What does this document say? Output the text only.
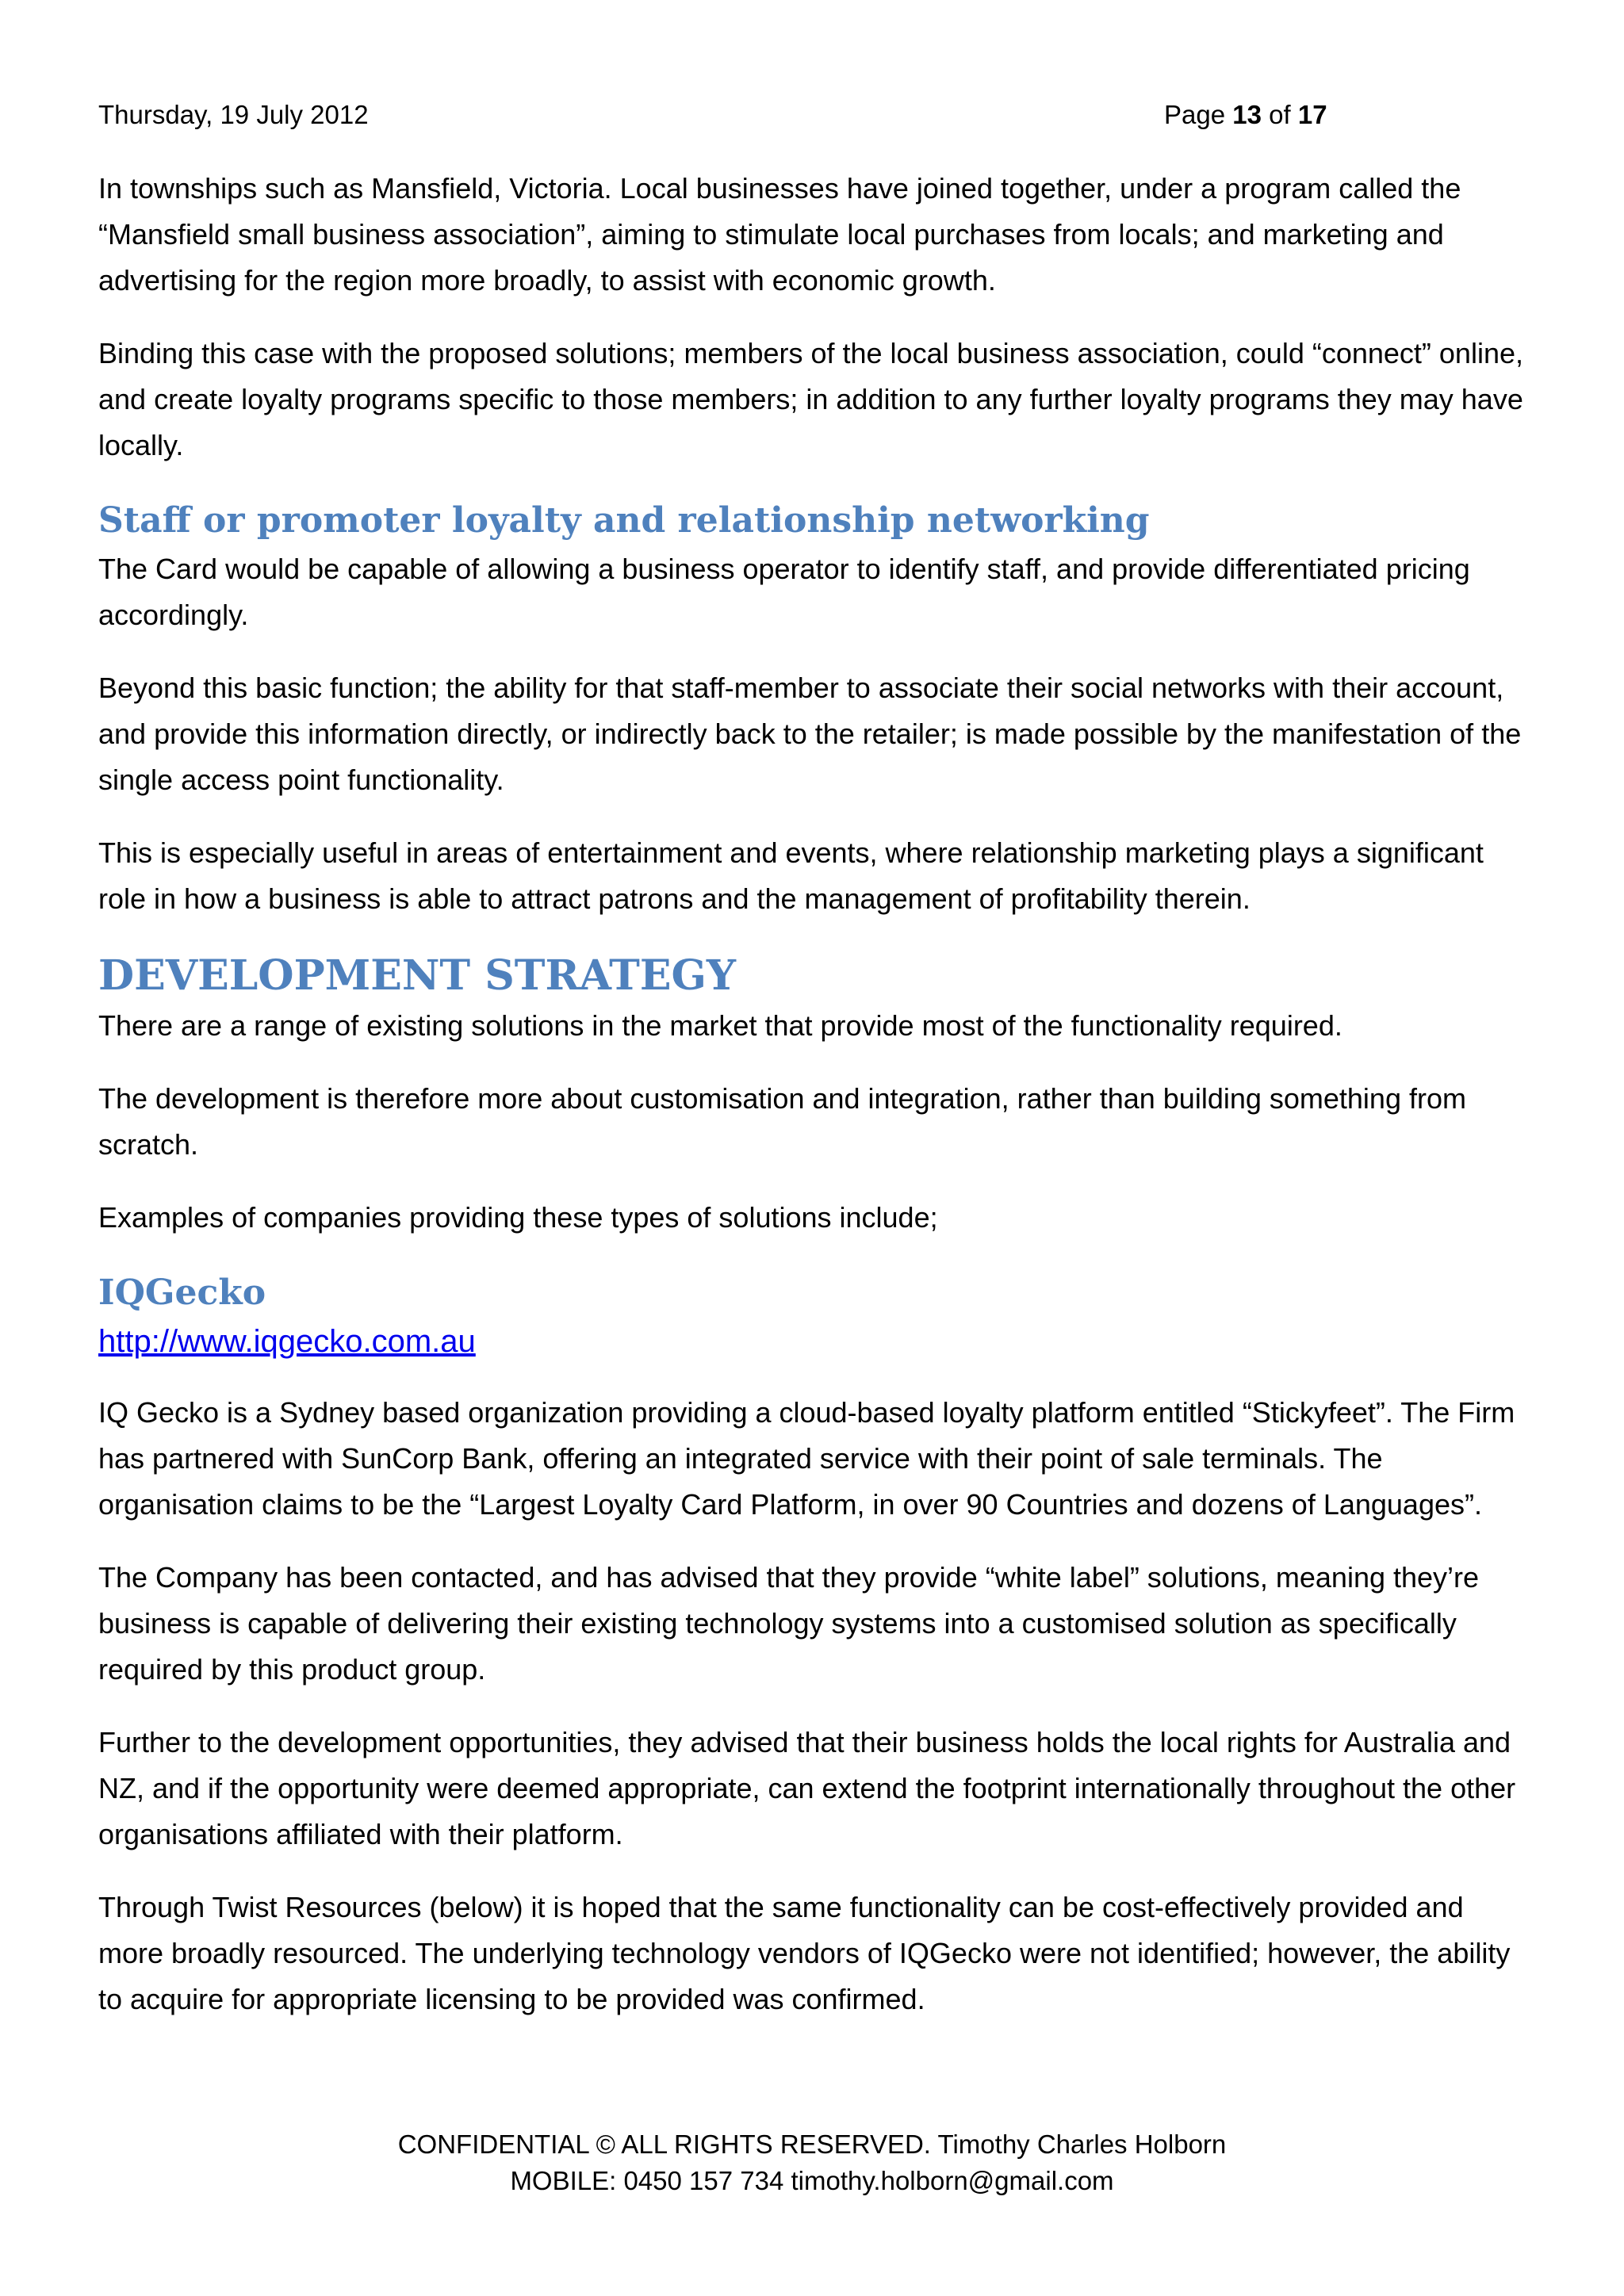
Thursday, 19 July 2012	Page 13 of 17

In townships such as Mansfield, Victoria. Local businesses have joined together, under a program called the “Mansfield small business association”, aiming to stimulate local purchases from locals; and marketing and advertising for the region more broadly, to assist with economic growth.

Binding this case with the proposed solutions; members of the local business association, could “connect” online, and create loyalty programs specific to those members; in addition to any further loyalty programs they may have locally.

Staff or promoter loyalty and relationship networking

The Card would be capable of allowing a business operator to identify staff, and provide differentiated pricing accordingly.

Beyond this basic function; the ability for that staff-member to associate their social networks with their account, and provide this information directly, or indirectly back to the retailer; is made possible by the manifestation of the single access point functionality.

This is especially useful in areas of entertainment and events, where relationship marketing plays a significant role in how a business is able to attract patrons and the management of profitability therein.

DEVELOPMENT STRATEGY

There are a range of existing solutions in the market that provide most of the functionality required.

The development is therefore more about customisation and integration, rather than building something from scratch.

Examples of companies providing these types of solutions include;

IQGecko
http://www.iqgecko.com.au

IQ Gecko is a Sydney based organization providing a cloud-based loyalty platform entitled “Stickyfeet”. The Firm has partnered with SunCorp Bank, offering an integrated service with their point of sale terminals. The organisation claims to be the “Largest Loyalty Card Platform, in over 90 Countries and dozens of Languages”.

The Company has been contacted, and has advised that they provide “white label” solutions, meaning they’re business is capable of delivering their existing technology systems into a customised solution as specifically required by this product group.

Further to the development opportunities, they advised that their business holds the local rights for Australia and NZ, and if the opportunity were deemed appropriate, can extend the footprint internationally throughout the other organisations affiliated with their platform.

Through Twist Resources (below) it is hoped that the same functionality can be cost-effectively provided and more broadly resourced. The underlying technology vendors of IQGecko were not identified; however, the ability to acquire for appropriate licensing to be provided was confirmed.

CONFIDENTIAL © ALL RIGHTS RESERVED. Timothy Charles Holborn
MOBILE: 0450 157 734 timothy.holborn@gmail.com
